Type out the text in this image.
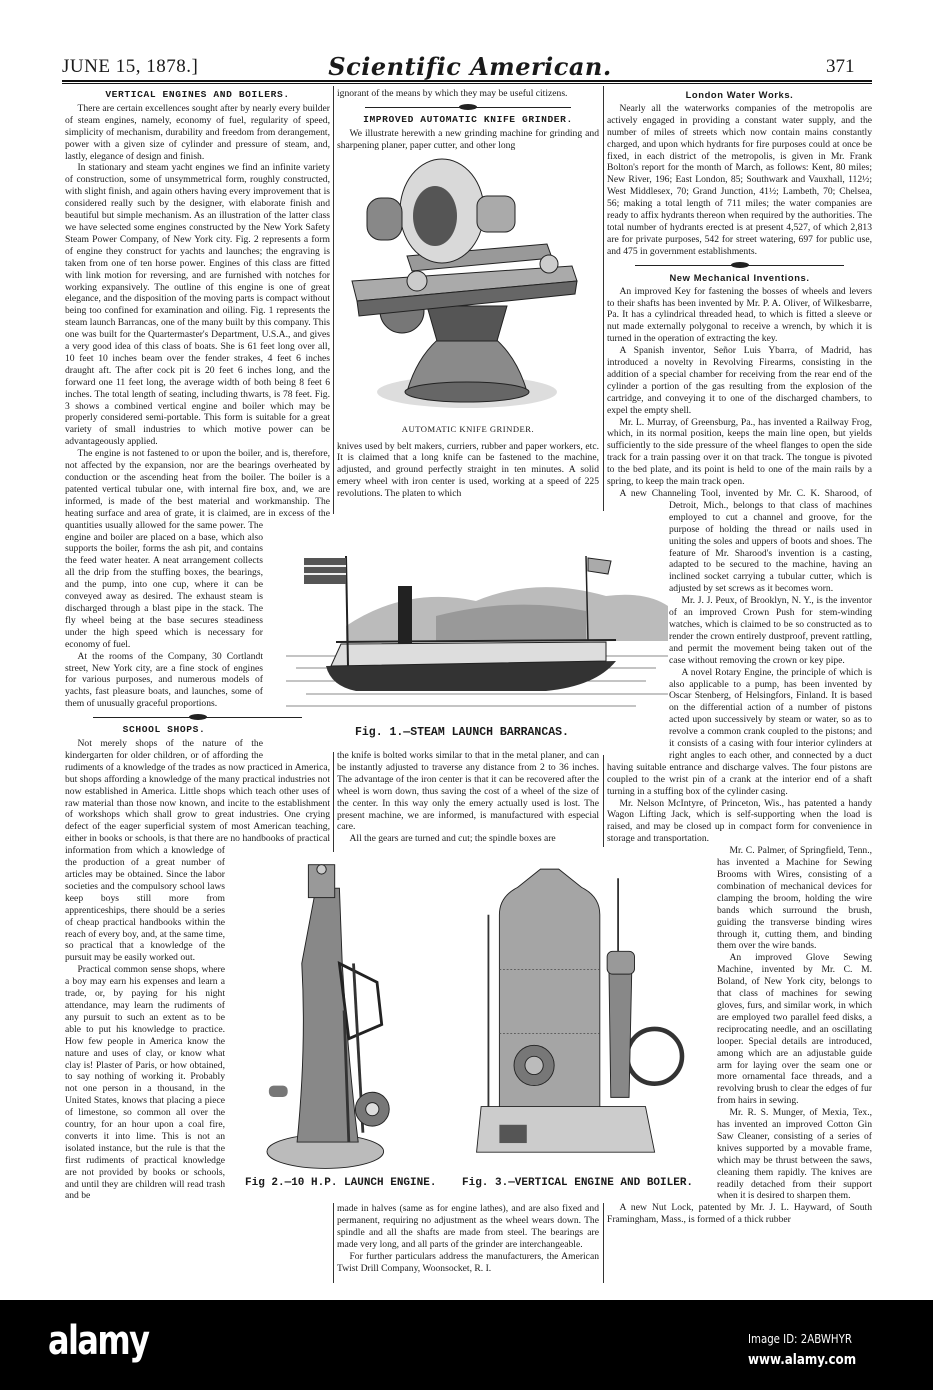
JUNE 15, 1878.]	Scientific American.	371
VERTICAL ENGINES AND BOILERS.

There are certain excellences sought after by nearly every builder of steam engines, namely, economy of fuel, regularity of speed, simplicity of mechanism, durability and freedom from derangement, power with a given size of cylinder and pressure of steam, and, lastly, elegance of design and finish.

In stationary and steam yacht engines we find an infinite variety of construction, some of unsymmetrical form, roughly constructed, with slight finish, and again others having every improvement that is considered really such by the designer, with elaborate finish and beautiful but simple mechanism. As an illustration of the latter class we have selected some engines constructed by the New York Safety Steam Power Company, of New York city. Fig. 2 represents a form of engine they construct for yachts and launches; the engraving is taken from one of ten horse power. Engines of this class are fitted with link motion for reversing, and are furnished with notches for working expansively. The outline of this engine is one of great elegance, and the disposition of the moving parts is compact without being too confined for examination and oiling. Fig. 1 represents the steam launch Barrancas, one of the many built by this company. This one was built for the Quartermaster's Department, U.S.A., and gives a very good idea of this class of boats. She is 61 feet long over all, 10 feet 10 inches beam over the fender strakes, 4 feet 6 inches draught aft. The after cock pit is 20 feet 6 inches long, and the forward one 11 feet long, the average width of both being 8 feet 6 inches. The total length of seating, including thwarts, is 78 feet. Fig. 3 shows a combined vertical engine and boiler which may be properly considered semi-portable. This form is suitable for a great variety of small industries to which motive power can be advantageously applied.

The engine is not fastened to or upon the boiler, and is, therefore, not affected by the expansion, nor are the bearings overheated by conduction or the ascending heat from the boiler. The boiler is a patented vertical tubular one, with internal fire box, and, we are informed, is made of the best material and workmanship. The heating surface and area of grate, it is claimed, are in excess of the quantities usually allowed for the same power. The engine and boiler are placed on a base, which also supports the boiler, forms the ash pit, and contains the feed water heater. A neat arrangement collects all the drip from the stuffing boxes, the bearings, and the pump, into one cup, where it can be conveyed away as desired. The exhaust steam is discharged through a blast pipe in the stack. The fly wheel being at the base secures steadiness under the high speed which is necessary for economy of fuel.

At the rooms of the Company, 30 Cortlandt street, New York city, are a fine stock of engines for various purposes, and numerous models of yachts, fast pleasure boats, and launches, some of them of unusually graceful proportions.

SCHOOL SHOPS.

Not merely shops of the nature of the kindergarten for older children, or of affording the rudiments of a knowledge of the trades as now practiced in America, but shops affording a knowledge of the many practical industries not now established in America. Little shops which teach other uses of raw material than those now known, and incite to the establishment of workshops which shall grow to great industries. One crying defect of the eager superficial system of most American teaching, either in books or schools, is that there are no handbooks of practical information from which a knowledge of the production of a great number of articles may be obtained. Since the labor societies and the compulsory school laws keep boys still more from apprenticeships, there should be a series of cheap practical handbooks within the reach of every boy, and, at the same time, so practical that a knowledge of the pursuit may be easily worked out.

Practical common sense shops, where a boy may earn his expenses and learn a trade, or, by paying for his night attendance, may learn the rudiments of any pursuit to such an extent as to be able to put his knowledge to practice. How few people in America know the nature and uses of clay, or know what clay is! Plaster of Paris, or how obtained, to say nothing of working it. Probably not one person in a thousand, in the United States, knows that placing a piece of limestone, so common all over the country, for an hour upon a coal fire, converts it into lime. This is not an isolated instance, but the rule is that the first rudiments of practical knowledge are not provided by books or schools, and until they are children will read trash and be

ignorant of the means by which they may be useful citizens.

IMPROVED AUTOMATIC KNIFE GRINDER.

We illustrate herewith a new grinding machine for grinding and sharpening planer, paper cutter, and other long

AUTOMATIC KNIFE GRINDER.

knives used by belt makers, curriers, rubber and paper workers, etc. It is claimed that a long knife can be fastened to the machine, adjusted, and ground perfectly straight in ten minutes. A solid emery wheel with iron center is used, working at a speed of 225 revolutions. The platen to which

the knife is bolted works similar to that in the metal planer, and can be instantly adjusted to traverse any distance from 2 to 36 inches. The advantage of the iron center is that it can be recovered after the wheel is worn down, thus saving the cost of a wheel of the size of the center. In this way only the emery actually used is lost. The present machine, we are informed, is manufactured with especial care.

All the gears are turned and cut; the spindle boxes are

made in halves (same as for engine lathes), and are also fixed and permanent, requiring no adjustment as the wheel wears down. The spindle and all the shafts are made from steel. The bearings are made very long, and all parts of the grinder are interchangeable.

For further particulars address the manufacturers, the American Twist Drill Company, Woonsocket, R. I.

London Water Works.

Nearly all the waterworks companies of the metropolis are actively engaged in providing a constant water supply, and the number of miles of streets which now contain mains constantly charged, and upon which hydrants for fire purposes could at once be fixed, in each district of the metropolis, is given in Mr. Frank Bolton's report for the month of March, as follows: Kent, 80 miles; New River, 196; East London, 85; Southwark and Vauxhall, 112½; West Middlesex, 70; Grand Junction, 41½; Lambeth, 70; Chelsea, 56; making a total length of 711 miles; the water companies are ready to affix hydrants thereon when required by the authorities. The total number of hydrants erected is at present 4,527, of which 2,813 are for private purposes, 542 for street watering, 697 for public use, and 475 in government establishments.

New Mechanical Inventions.

An improved Key for fastening the bosses of wheels and levers to their shafts has been invented by Mr. P. A. Oliver, of Wilkesbarre, Pa. It has a cylindrical threaded head, to which is fitted a sleeve or nut made externally polygonal to receive a wrench, by which it is turned in the operation of extracting the key.

A Spanish inventor, Señor Luis Ybarra, of Madrid, has introduced a novelty in Revolving Firearms, consisting in the addition of a special chamber for receiving from the rear end of the cylinder a portion of the gas resulting from the explosion of the cartridge, and conveying it to one of the discharged chambers, to expel the empty shell.

Mr. L. Murray, of Greensburg, Pa., has invented a Railway Frog, which, in its normal position, keeps the main line open, but yields sufficiently to the side pressure of the wheel flanges to open the side track for a train passing over it on that track. The tongue is pivoted to the bed plate, and its point is held to one of the main rails by a spring, to keep the main track open.

A new Channeling Tool, invented by Mr. C. K. Sharood, of Detroit, Mich., belongs to that class of machines employed to cut a channel and groove, for the purpose of holding the thread or nails used in uniting the soles and uppers of boots and shoes. The feature of Mr. Sharood's invention is a casting, adapted to be secured to the machine, having an inclined socket carrying a tubular cutter, which is adjusted by set screws as it becomes worn.

Mr. J. J. Peux, of Brooklyn, N. Y., is the inventor of an improved Crown Push for stem-winding watches, which is claimed to be so constructed as to render the crown entirely dustproof, prevent rattling, and permit the movement being taken out of the case without removing the crown or key pipe.

A novel Rotary Engine, the principle of which is also applicable to a pump, has been invented by Oscar Stenberg, of Helsingfors, Finland. It is based on the differential action of a number of pistons acted upon successively by steam or water, so as to revolve a common crank coupled to the pistons; and it consists of a casing with four interior cylinders at right angles to each other, and connected by a duct having suitable entrance and discharge valves. The four pistons are coupled to the wrist pin of a crank at the interior end of a shaft turning in a stuffing box of the cylinder casing.

Mr. Nelson McIntyre, of Princeton, Wis., has patented a handy Wagon Lifting Jack, which is self-supporting when the load is raised, and may be closed up in compact form for convenience in storage and transportation.

Mr. C. Palmer, of Springfield, Tenn., has invented a Machine for Sewing Brooms with Wires, consisting of a combination of mechanical devices for clamping the broom, holding the wire bands which surround the brush, guiding the transverse binding wires through it, cutting them, and binding them over the wire bands.

An improved Glove Sewing Machine, invented by Mr. C. M. Boland, of New York city, belongs to that class of machines for sewing gloves, furs, and similar work, in which are employed two parallel feed disks, a reciprocating needle, and an oscillating looper. Special details are introduced, among which are an adjustable guide arm for laying over the seam one or more ornamental face threads, and a revolving brush to clear the edges of fur from hairs in sewing.

Mr. R. S. Munger, of Mexia, Tex., has invented an improved Cotton Gin Saw Cleaner, consisting of a series of knives supported by a movable frame, which may be thrust between the saws, cleaning them rapidly. The knives are readily detached from their support when it is desired to sharpen them.

A new Nut Lock, patented by Mr. J. L. Hayward, of South Framingham, Mass., is formed of a thick rubber

Fig. 1.—STEAM LAUNCH BARRANCAS.
Fig 2.—10 H.P. LAUNCH ENGINE. Fig. 3.—VERTICAL ENGINE AND BOILER.
alamy	Image ID: 2ABWHYR
www.alamy.com
